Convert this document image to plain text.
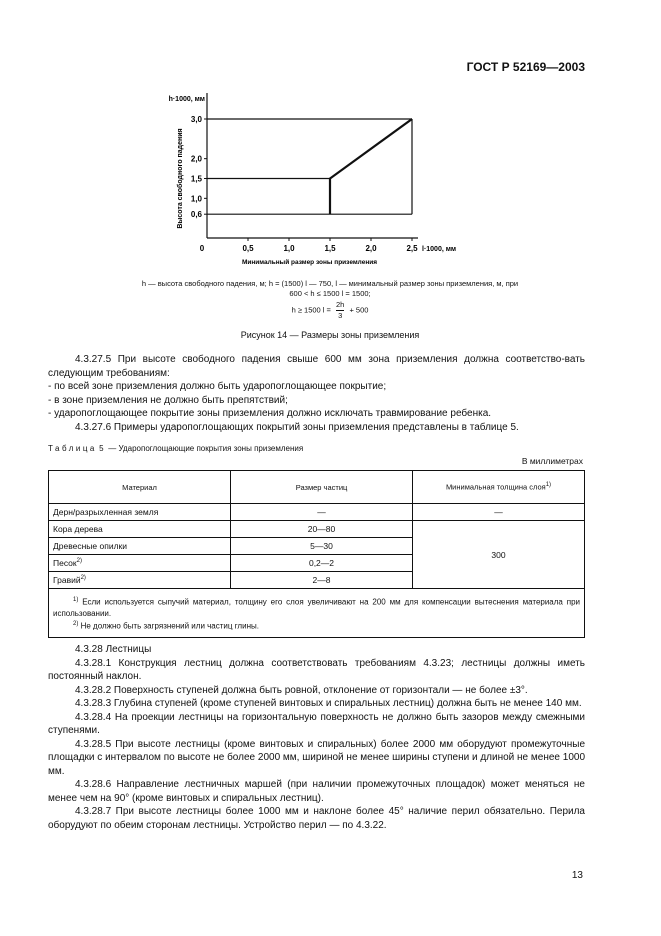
ГОСТ Р 52169—2003
0,5	1,0	1,5	2,0	2,5
0,6
1,0
1,5
2,0
3,0
0
h·1000, мм
l·1000, мм
Минимальный размер зоны приземления
Высота свободного падения
h — высота свободного падения, м; h = (1500) l — 750, l — минимальный размер зоны приземления, м, при
600 < h ≤ 1500 l = 1500;
h ≥ 1500 $l = \frac{2h}{3} + 500$
Рисунок 14 — Размеры зоны приземления

4.3.27.5 При высоте свободного падения свыше 600 мм зона приземления должна соответство-вать следующим требованиям:

- по всей зоне приземления должно быть ударопоглощающее покрытие;

- в зоне приземления не должно быть препятствий;

- ударопоглощающее покрытие зоны приземления должно исключать травмирование ребенка.

4.3.27.6 Примеры ударопоглощающих покрытий зоны приземления представлены в таблице 5.

Таблица 5 — Ударопоглощающие покрытия зоны приземления
В миллиметрах
Материал	Размер частиц	Минимальная толщина слоя$^{1)}$
Дерн/разрыхленная земля	—	—
Кора дерева	20—80	300
Древесные опилки	5—30	
Песок$^{2)}$	0,2—2	
Гравий$^{2)}$	2—8	

$^{1)}$ Если используется сыпучий материал, толщину его слоя увеличивают на 200 мм для компенсации вытеснения материала при использовании.
$^{2)}$ Не должно быть загрязнений или частиц глины.		

4.3.28 Лестницы

4.3.28.1 Конструкция лестниц должна соответствовать требованиям 4.3.23; лестницы должны иметь постоянный наклон.

4.3.28.2 Поверхность ступеней должна быть ровной, отклонение от горизонтали — не более ±3°.

4.3.28.3 Глубина ступеней (кроме ступеней винтовых и спиральных лестниц) должна быть не менее 140 мм.

4.3.28.4 На проекции лестницы на горизонтальную поверхность не должно быть зазоров между смежными ступенями.

4.3.28.5 При высоте лестницы (кроме винтовых и спиральных) более 2000 мм оборудуют промежуточные площадки с интервалом по высоте не более 2000 мм, шириной не менее ширины ступени и длиной не менее 1000 мм.

4.3.28.6 Направление лестничных маршей (при наличии промежуточных площадок) может меняться не менее чем на 90° (кроме винтовых и спиральных лестниц).

4.3.28.7 При высоте лестницы более 1000 мм и наклоне более 45° наличие перил обязательно. Перила оборудуют по обеим сторонам лестницы. Устройство перил — по 4.3.22.

13
